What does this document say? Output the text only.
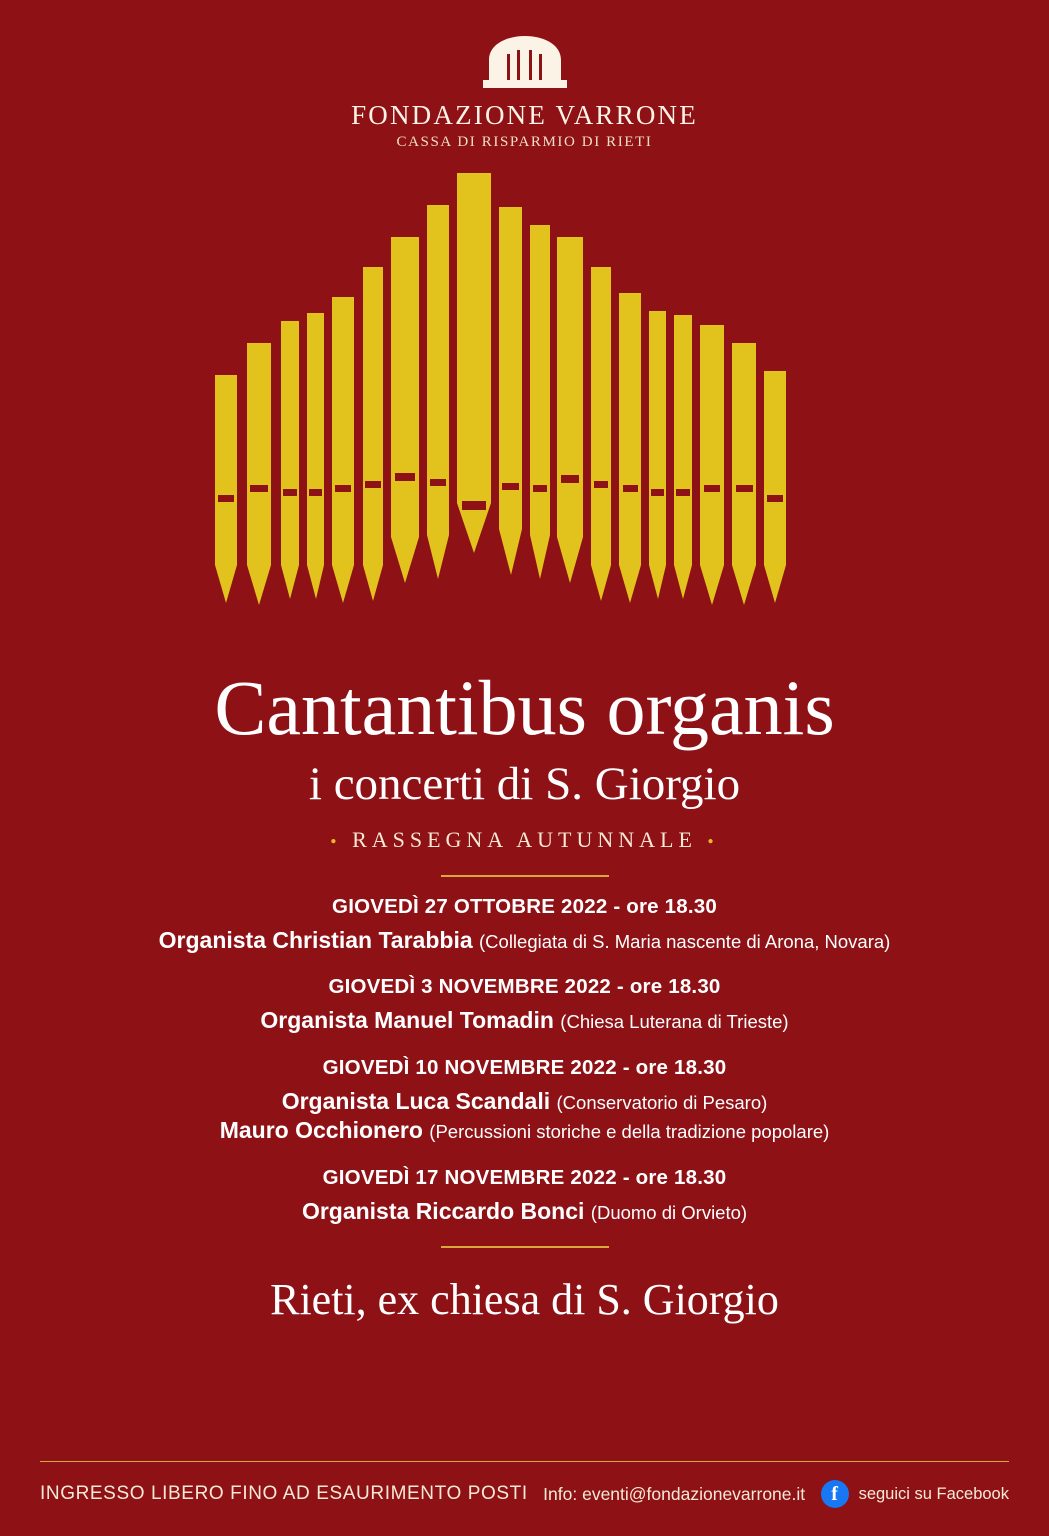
FONDAZIONE VARRONE
CASSA DI RISPARMIO DI RIETI
Cantantibus organis
i concerti di S. Giorgio
• RASSEGNA AUTUNNALE •
GIOVEDÌ 27 OTTOBRE 2022 - ore 18.30
Organista Christian Tarabbia (Collegiata di S. Maria nascente di Arona, Novara)
GIOVEDÌ 3 NOVEMBRE 2022 - ore 18.30
Organista Manuel Tomadin (Chiesa Luterana di Trieste)
GIOVEDÌ 10 NOVEMBRE 2022 - ore 18.30
Organista Luca Scandali (Conservatorio di Pesaro)
Mauro Occhionero (Percussioni storiche e della tradizione popolare)
GIOVEDÌ 17 NOVEMBRE 2022 - ore 18.30
Organista Riccardo Bonci (Duomo di Orvieto)
Rieti, ex chiesa di S. Giorgio
INGRESSO LIBERO FINO AD ESAURIMENTO POSTI Info: eventi@fondazionevarrone.it	f	seguici su Facebook
